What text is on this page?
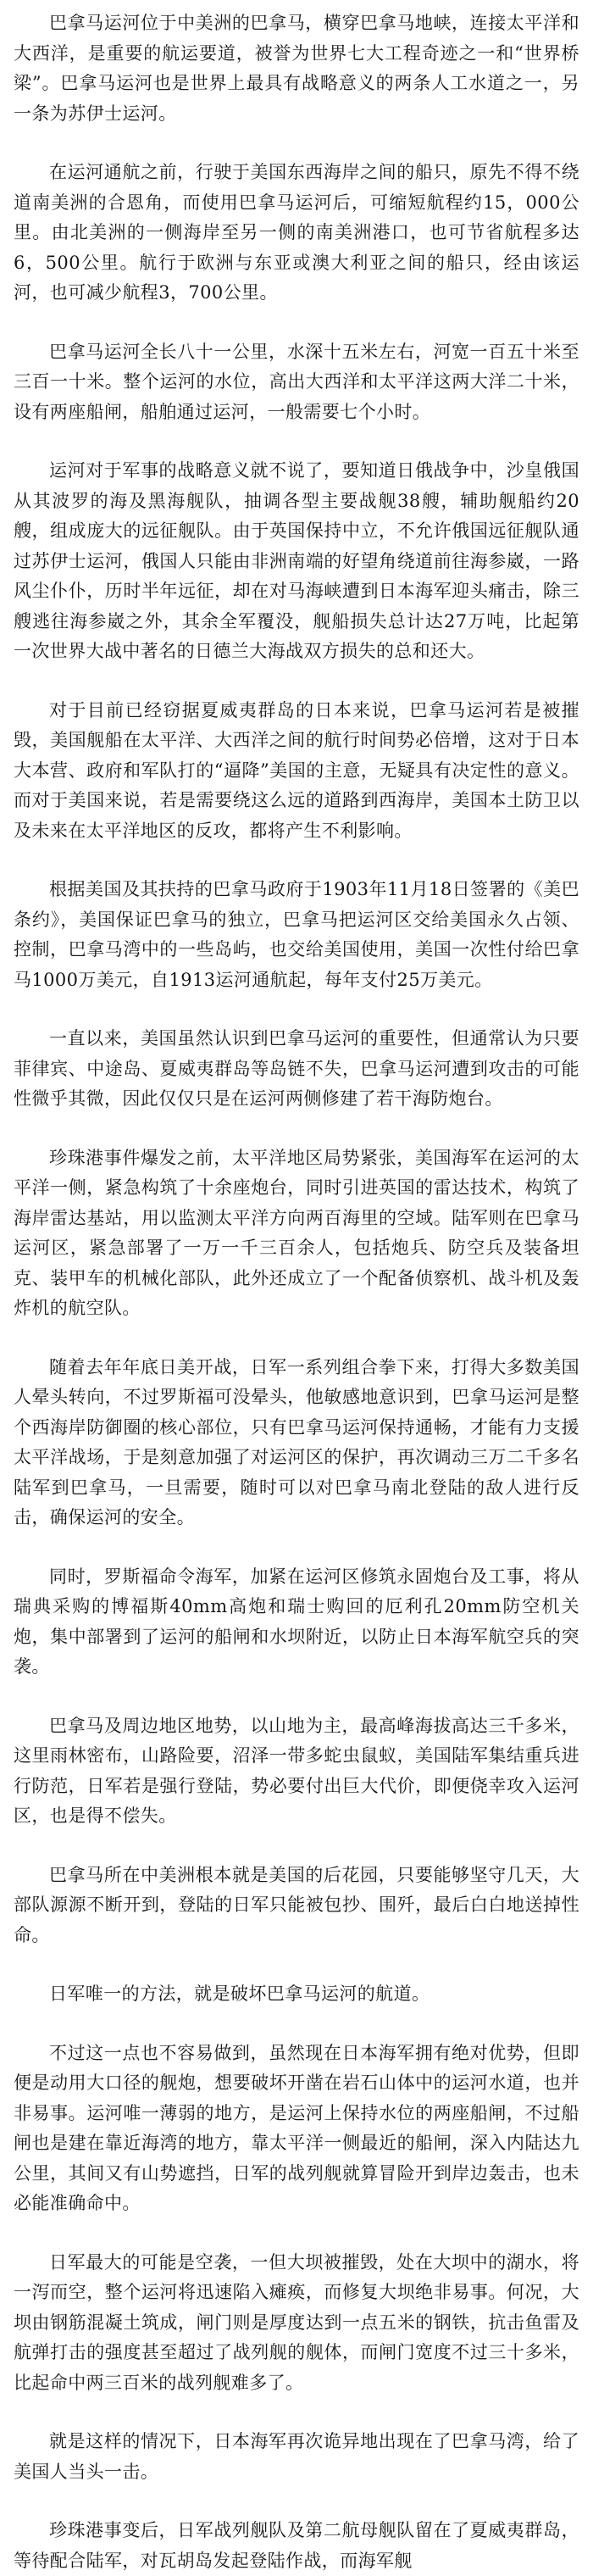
巴拿马运河位于中美洲的巴拿马，横穿巴拿马地峡，连接太平洋和大西洋，是重要的航运要道，被誉为世界七大工程奇迹之一和“世界桥梁”。巴拿马运河也是世界上最具有战略意义的两条人工水道之一，另一条为苏伊士运河。

在运河通航之前，行驶于美国东西海岸之间的船只，原先不得不绕道南美洲的合恩角，而使用巴拿马运河后，可缩短航程约15，000公里。由北美洲的一侧海岸至另一侧的南美洲港口，也可节省航程多达6，500公里。航行于欧洲与东亚或澳大利亚之间的船只，经由该运河，也可减少航程3，700公里。

巴拿马运河全长八十一公里，水深十五米左右，河宽一百五十米至三百一十米。整个运河的水位，高出大西洋和太平洋这两大洋二十米，设有两座船闸，船舶通过运河，一般需要七个小时。

运河对于军事的战略意义就不说了，要知道日俄战争中，沙皇俄国从其波罗的海及黑海舰队，抽调各型主要战舰38艘，辅助舰船约20艘，组成庞大的远征舰队。由于英国保持中立，不允许俄国远征舰队通过苏伊士运河，俄国人只能由非洲南端的好望角绕道前往海参崴，一路风尘仆仆，历时半年远征，却在对马海峡遭到日本海军迎头痛击，除三艘逃往海参崴之外，其余全军覆没，舰船损失总计达27万吨，比起第一次世界大战中著名的日德兰大海战双方损失的总和还大。

对于目前已经窃据夏威夷群岛的日本来说，巴拿马运河若是被摧毁，美国舰船在太平洋、大西洋之间的航行时间势必倍增，这对于日本大本营、政府和军队打的“逼降”美国的主意，无疑具有决定性的意义。而对于美国来说，若是需要绕这么远的道路到西海岸，美国本土防卫以及未来在太平洋地区的反攻，都将产生不利影响。

根据美国及其扶持的巴拿马政府于1903年11月18日签署的《美巴条约》，美国保证巴拿马的独立，巴拿马把运河区交给美国永久占领、控制，巴拿马湾中的一些岛屿，也交给美国使用，美国一次性付给巴拿马1000万美元，自1913运河通航起，每年支付25万美元。

一直以来，美国虽然认识到巴拿马运河的重要性，但通常认为只要菲律宾、中途岛、夏威夷群岛等岛链不失，巴拿马运河遭到攻击的可能性微乎其微，因此仅仅只是在运河两侧修建了若干海防炮台。

珍珠港事件爆发之前，太平洋地区局势紧张，美国海军在运河的太平洋一侧，紧急构筑了十余座炮台，同时引进英国的雷达技术，构筑了海岸雷达基站，用以监测太平洋方向两百海里的空域。陆军则在巴拿马运河区，紧急部署了一万一千三百余人，包括炮兵、防空兵及装备坦克、装甲车的机械化部队，此外还成立了一个配备侦察机、战斗机及轰炸机的航空队。

随着去年年底日美开战，日军一系列组合拳下来，打得大多数美国人晕头转向，不过罗斯福可没晕头，他敏感地意识到，巴拿马运河是整个西海岸防御圈的核心部位，只有巴拿马运河保持通畅，才能有力支援太平洋战场，于是刻意加强了对运河区的保护，再次调动三万二千多名陆军到巴拿马，一旦需要，随时可以对巴拿马南北登陆的敌人进行反击，确保运河的安全。

同时，罗斯福命令海军，加紧在运河区修筑永固炮台及工事，将从瑞典采购的博福斯40mm高炮和瑞士购回的厄利孔20mm防空机关炮，集中部署到了运河的船闸和水坝附近，以防止日本海军航空兵的突袭。

巴拿马及周边地区地势，以山地为主，最高峰海拔高达三千多米，这里雨林密布，山路险要，沼泽一带多蛇虫鼠蚁，美国陆军集结重兵进行防范，日军若是强行登陆，势必要付出巨大代价，即便侥幸攻入运河区，也是得不偿失。

巴拿马所在中美洲根本就是美国的后花园，只要能够坚守几天，大部队源源不断开到，登陆的日军只能被包抄、围歼，最后白白地送掉性命。

日军唯一的方法，就是破坏巴拿马运河的航道。

不过这一点也不容易做到，虽然现在日本海军拥有绝对优势，但即便是动用大口径的舰炮，想要破坏开凿在岩石山体中的运河水道，也并非易事。运河唯一薄弱的地方，是运河上保持水位的两座船闸，不过船闸也是建在靠近海湾的地方，靠太平洋一侧最近的船闸，深入内陆达九公里，其间又有山势遮挡，日军的战列舰就算冒险开到岸边轰击，也未必能准确命中。

日军最大的可能是空袭，一但大坝被摧毁，处在大坝中的湖水，将一泻而空，整个运河将迅速陷入瘫痪，而修复大坝绝非易事。何况，大坝由钢筋混凝土筑成，闸门则是厚度达到一点五米的钢铁，抗击鱼雷及航弹打击的强度甚至超过了战列舰的舰体，而闸门宽度不过三十多米，比起命中两三百米的战列舰难多了。

就是这样的情况下，日本海军再次诡异地出现在了巴拿马湾，给了美国人当头一击。

珍珠港事变后，日军战列舰队及第二航母舰队留在了夏威夷群岛，等待配合陆军，对瓦胡岛发起登陆作战，而海军舰
